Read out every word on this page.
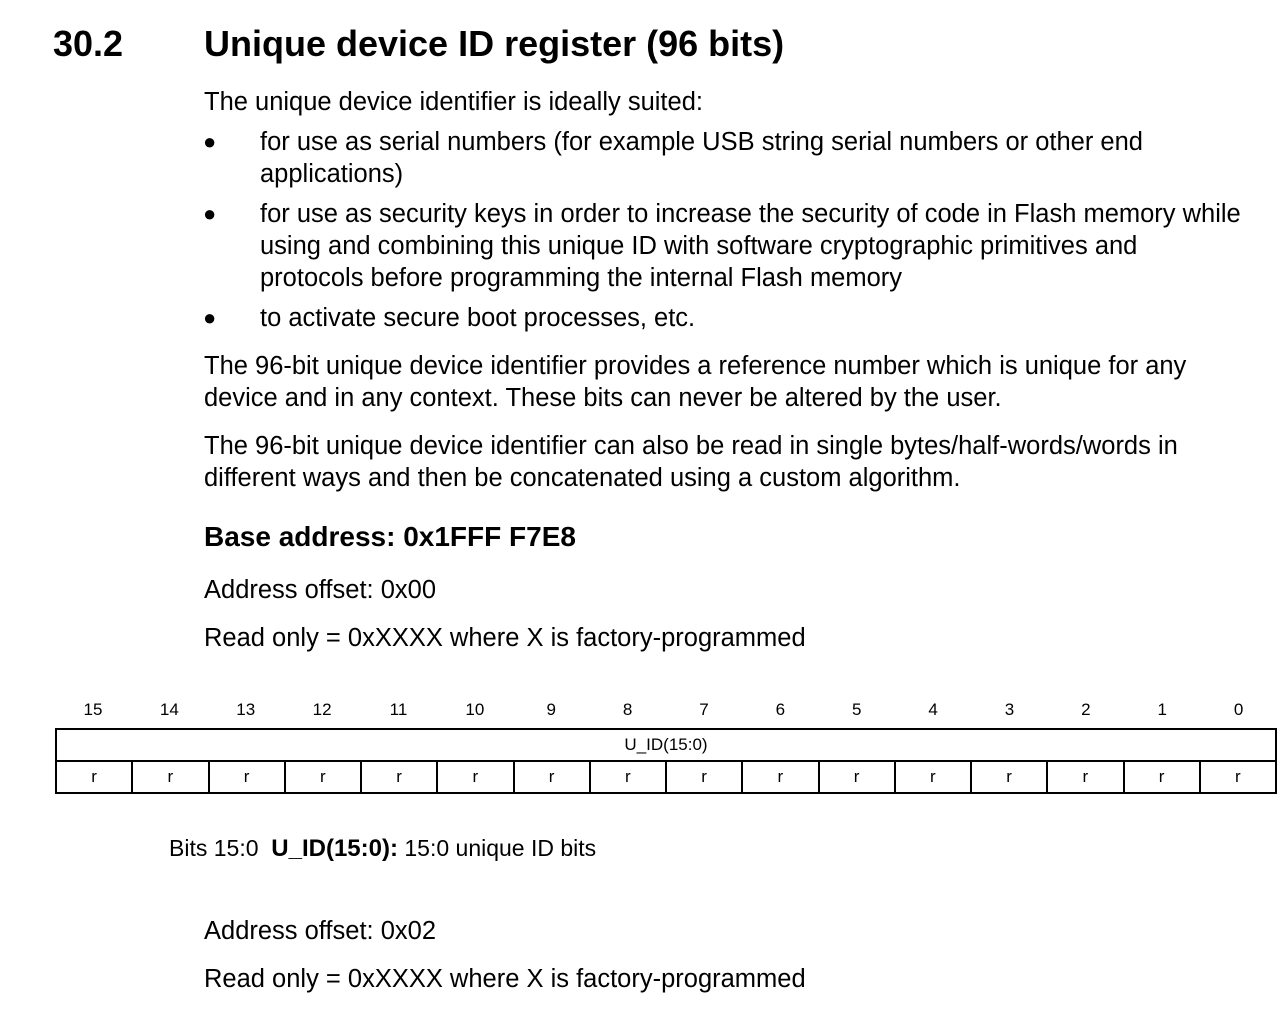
30.2 Unique device ID register (96 bits)
The unique device identifier is ideally suited:
● for use as serial numbers (for example USB string serial numbers or other end
applications)
● for use as security keys in order to increase the security of code in Flash memory while
using and combining this unique ID with software cryptographic primitives and
protocols before programming the internal Flash memory
● to activate secure boot processes, etc.
The 96-bit unique device identifier provides a reference number which is unique for any
device and in any context. These bits can never be altered by the user.
The 96-bit unique device identifier can also be read in single bytes/half-words/words in
different ways and then be concatenated using a custom algorithm.
Base address: 0x1FFF F7E8
Address offset: 0x00
Read only = 0xXXXX where X is factory-programmed
15	14	13	12	11	10	9	8	7	6	5	4	3	2	1	0
U_ID(15:0)
r	r	r	r	r	r	r	r	r	r	r	r	r	r	r	r
Bits 15:0 U_ID(15:0): 15:0 unique ID bits
Address offset: 0x02
Read only = 0xXXXX where X is factory-programmed
